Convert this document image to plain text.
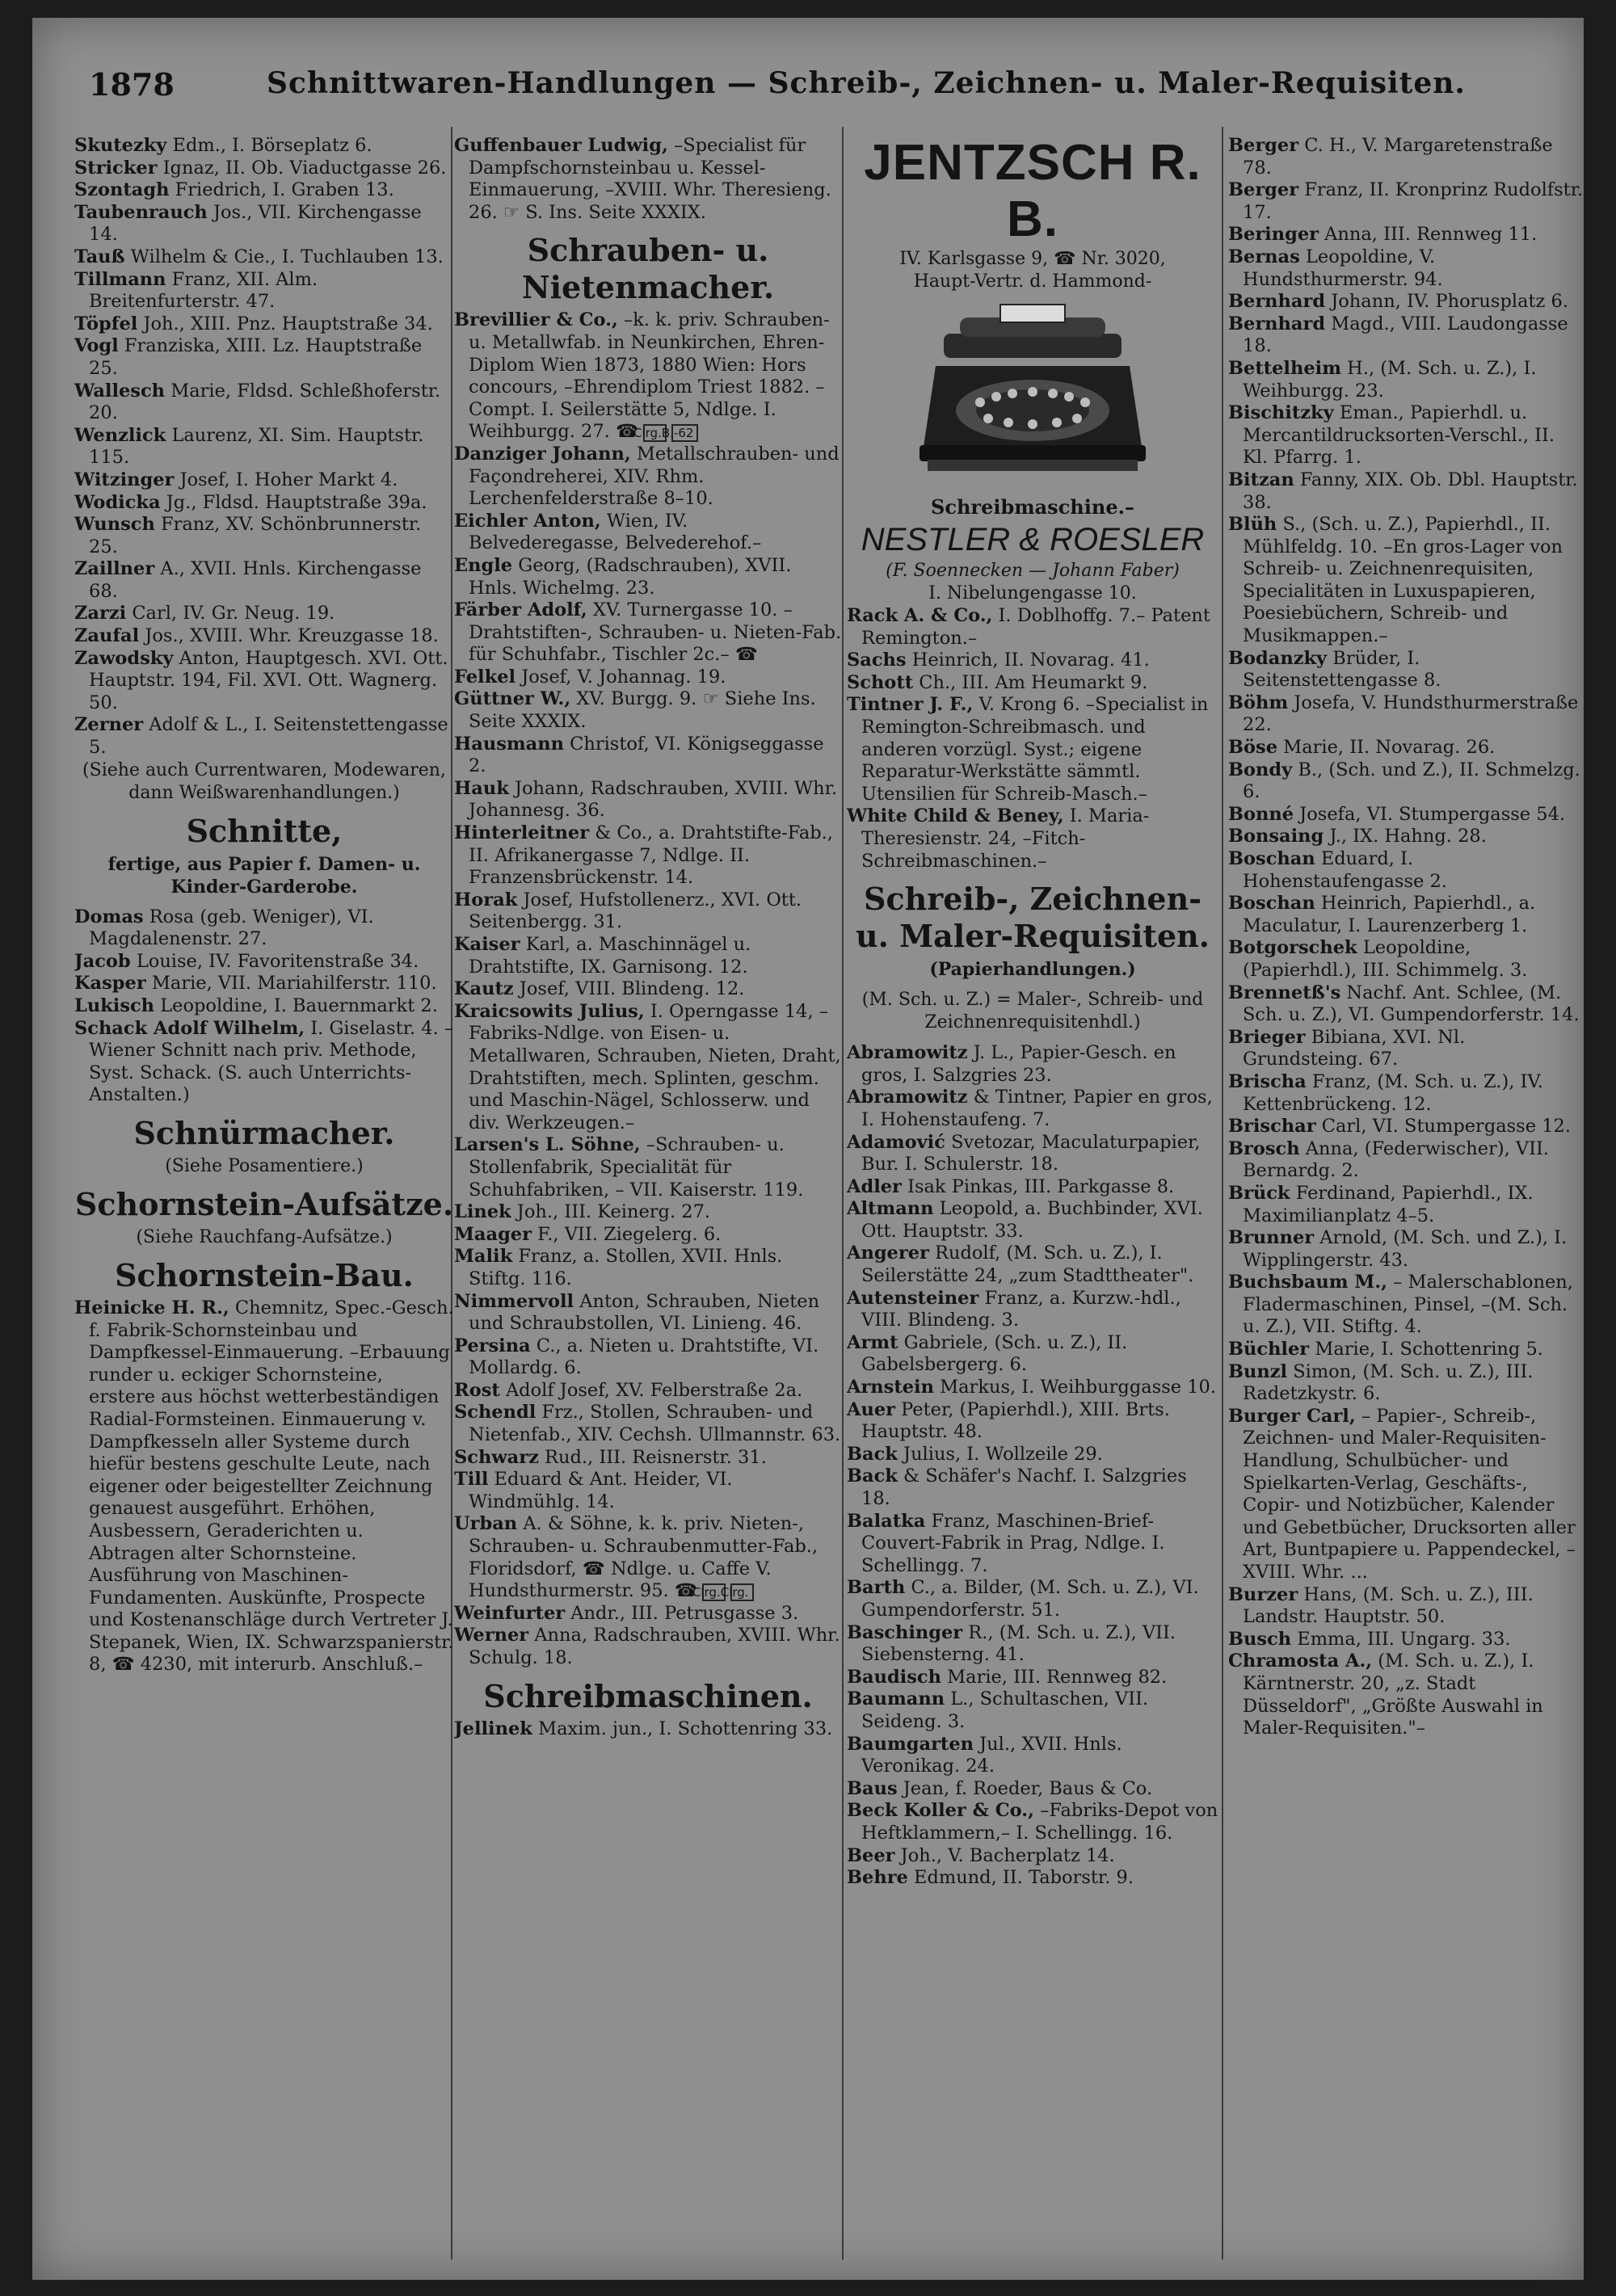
1878	Schnittwaren-Handlungen — Schreib-, Zeichnen- u. Maler-Requisiten.

Skutezky Edm., I. Börseplatz 6.

Stricker Ignaz, II. Ob. Viaductgasse 26.

Szontagh Friedrich, I. Graben 13.

Taubenrauch Jos., VII. Kirchengasse 14.

Tauß Wilhelm & Cie., I. Tuchlauben 13.

Tillmann Franz, XII. Alm. Breitenfurterstr. 47.

Töpfel Joh., XIII. Pnz. Hauptstraße 34.

Vogl Franziska, XIII. Lz. Hauptstraße 25.

Wallesch Marie, Fldsd. Schleßhoferstr. 20.

Wenzlick Laurenz, XI. Sim. Hauptstr. 115.

Witzinger Josef, I. Hoher Markt 4.

Wodicka Jg., Fldsd. Hauptstraße 39a.

Wunsch Franz, XV. Schönbrunnerstr. 25.

Zaillner A., XVII. Hnls. Kirchengasse 68.

Zarzi Carl, IV. Gr. Neug. 19.

Zaufal Jos., XVIII. Whr. Kreuzgasse 18.

Zawodsky Anton, Hauptgesch. XVI. Ott. Hauptstr. 194, Fil. XVI. Ott. Wagnerg. 50.

Zerner Adolf & L., I. Seitenstettengasse 5.

(Siehe auch Currentwaren, Modewaren, dann Weißwarenhandlungen.)

Schnitte,

fertige, aus Papier f. Damen- u. Kinder-Garderobe.

Domas Rosa (geb. Weniger), VI. Magdalenenstr. 27.

Jacob Louise, IV. Favoritenstraße 34.

Kasper Marie, VII. Mariahilferstr. 110.

Lukisch Leopoldine, I. Bauernmarkt 2.

Schack Adolf Wilhelm, I. Giselastr. 4. –Wiener Schnitt nach priv. Methode, Syst. Schack. (S. auch Unterrichts-Anstalten.)

Schnürmacher.

(Siehe Posamentiere.)

Schornstein-Aufsätze.

(Siehe Rauchfang-Aufsätze.)

Schornstein-Bau.

Heinicke H. R., Chemnitz, Spec.-Gesch. f. Fabrik-Schornsteinbau und Dampfkessel-Einmauerung. –Erbauung runder u. eckiger Schornsteine, erstere aus höchst wetterbeständigen Radial-Formsteinen. Einmauerung v. Dampfkesseln aller Systeme durch hiefür bestens geschulte Leute, nach eigener oder beigestellter Zeichnung genauest ausgeführt. Erhöhen, Ausbessern, Geraderichten u. Abtragen alter Schornsteine. Ausführung von Maschinen-Fundamenten. Auskünfte, Prospecte und Kostenanschläge durch Vertreter J. Stepanek, Wien, IX. Schwarzspanierstr. 8, ☎ 4230, mit interurb. Anschluß.–

Guffenbauer Ludwig, –Specialist für Dampfschornsteinbau u. Kessel-Einmauerung, –XVIII. Whr. Theresieng. 26. ☞ S. Ins. Seite XXXIX.

Schrauben- u. Nietenmacher.

Brevillier & Co., –k. k. priv. Schrauben- u. Metallwfab. in Neunkirchen, Ehren-Diplom Wien 1873, 1880 Wien: Hors concours, –Ehrendiplom Triest 1882. –Compt. I. Seilerstätte 5, Ndlge. I. Weihburgg. 27. ☎Clrg.B.-62

Danziger Johann, Metallschrauben- und Façondreherei, XIV. Rhm. Lerchenfelderstraße 8–10.

Eichler Anton, Wien, IV. Belvederegasse, Belvederehof.–

Engle Georg, (Radschrauben), XVII. Hnls. Wichelmg. 23.

Färber Adolf, XV. Turnergasse 10. –Drahtstiften-, Schrauben- u. Nieten-Fab. für Schuhfabr., Tischler 2c.– ☎

Felkel Josef, V. Johannag. 19.

Güttner W., XV. Burgg. 9. ☞ Siehe Ins. Seite XXXIX.

Hausmann Christof, VI. Königseggasse 2.

Hauk Johann, Radschrauben, XVIII. Whr. Johannesg. 36.

Hinterleitner & Co., a. Drahtstifte-Fab., II. Afrikanergasse 7, Ndlge. II. Franzensbrückenstr. 14.

Horak Josef, Hufstollenerz., XVI. Ott. Seitenbergg. 31.

Kaiser Karl, a. Maschinnägel u. Drahtstifte, IX. Garnisong. 12.

Kautz Josef, VIII. Blindeng. 12.

Kraicsowits Julius, I. Operngasse 14, –Fabriks-Ndlge. von Eisen- u. Metallwaren, Schrauben, Nieten, Draht, Drahtstiften, mech. Splinten, geschm. und Maschin-Nägel, Schlosserw. und div. Werkzeugen.–

Larsen's L. Söhne, –Schrauben- u. Stollenfabrik, Specialität für Schuhfabriken, – VII. Kaiserstr. 119.

Linek Joh., III. Keinerg. 27.

Maager F., VII. Ziegelerg. 6.

Malik Franz, a. Stollen, XVII. Hnls. Stiftg. 116.

Nimmervoll Anton, Schrauben, Nieten und Schraubstollen, VI. Linieng. 46.

Persina C., a. Nieten u. Drahtstifte, VI. Mollardg. 6.

Rost Adolf Josef, XV. Felberstraße 2a.

Schendl Frz., Stollen, Schrauben- und Nietenfab., XIV. Cechsh. Ullmannstr. 63.

Schwarz Rud., III. Reisnerstr. 31.

Till Eduard & Ant. Heider, VI. Windmühlg. 14.

Urban A. & Söhne, k. k. priv. Nieten-, Schrauben- u. Schraubenmutter-Fab., Floridsdorf, ☎ Ndlge. u. Caffe V. Hundsthurmerstr. 95. ☎Clrg.Clrg.

Weinfurter Andr., III. Petrusgasse 3.

Werner Anna, Radschrauben, XVIII. Whr. Schulg. 18.

Schreibmaschinen.

Jellinek Maxim. jun., I. Schottenring 33.

JENTZSCH R. B.
IV. Karlsgasse 9, ☎ Nr. 3020,
Haupt-Vertr. d. Hammond-
Schreibmaschine.–
NESTLER & ROESLER
(F. Soennecken — Johann Faber)
I. Nibelungengasse 10.

Rack A. & Co., I. Doblhoffg. 7.– Patent Remington.–

Sachs Heinrich, II. Novarag. 41.

Schott Ch., III. Am Heumarkt 9.

Tintner J. F., V. Krong 6. –Specialist in Remington-Schreibmasch. und anderen vorzügl. Syst.; eigene Reparatur-Werkstätte sämmtl. Utensilien für Schreib-Masch.–

White Child & Beney, I. Maria-Theresienstr. 24, –Fitch-Schreibmaschinen.–

Schreib-, Zeichnen- u. Maler-Requisiten.

(Papierhandlungen.)

(M. Sch. u. Z.) = Maler-, Schreib- und Zeichnenrequisitenhdl.)

Abramowitz J. L., Papier-Gesch. en gros, I. Salzgries 23.

Abramowitz & Tintner, Papier en gros, I. Hohenstaufeng. 7.

Adamović Svetozar, Maculaturpapier, Bur. I. Schulerstr. 18.

Adler Isak Pinkas, III. Parkgasse 8.

Altmann Leopold, a. Buchbinder, XVI. Ott. Hauptstr. 33.

Angerer Rudolf, (M. Sch. u. Z.), I. Seilerstätte 24, „zum Stadttheater".

Autensteiner Franz, a. Kurzw.-hdl., VIII. Blindeng. 3.

Armt Gabriele, (Sch. u. Z.), II. Gabelsbergerg. 6.

Arnstein Markus, I. Weihburggasse 10.

Auer Peter, (Papierhdl.), XIII. Brts. Hauptstr. 48.

Back Julius, I. Wollzeile 29.

Back & Schäfer's Nachf. I. Salzgries 18.

Balatka Franz, Maschinen-Brief-Couvert-Fabrik in Prag, Ndlge. I. Schellingg. 7.

Barth C., a. Bilder, (M. Sch. u. Z.), VI. Gumpendorferstr. 51.

Baschinger R., (M. Sch. u. Z.), VII. Siebensterng. 41.

Baudisch Marie, III. Rennweg 82.

Baumann L., Schultaschen, VII. Seideng. 3.

Baumgarten Jul., XVII. Hnls. Veronikag. 24.

Baus Jean, f. Roeder, Baus & Co.

Beck Koller & Co., –Fabriks-Depot von Heftklammern,– I. Schellingg. 16.

Beer Joh., V. Bacherplatz 14.

Behre Edmund, II. Taborstr. 9.

Berger C. H., V. Margaretenstraße 78.

Berger Franz, II. Kronprinz Rudolfstr. 17.

Beringer Anna, III. Rennweg 11.

Bernas Leopoldine, V. Hundsthurmerstr. 94.

Bernhard Johann, IV. Phorusplatz 6.

Bernhard Magd., VIII. Laudongasse 18.

Bettelheim H., (M. Sch. u. Z.), I. Weihburgg. 23.

Bischitzky Eman., Papierhdl. u. Mercantildrucksorten-Verschl., II. Kl. Pfarrg. 1.

Bitzan Fanny, XIX. Ob. Dbl. Hauptstr. 38.

Blüh S., (Sch. u. Z.), Papierhdl., II. Mühlfeldg. 10. –En gros-Lager von Schreib- u. Zeichnenrequisiten, Specialitäten in Luxuspapieren, Poesiebüchern, Schreib- und Musikmappen.–

Bodanzky Brüder, I. Seitenstettengasse 8.

Böhm Josefa, V. Hundsthurmerstraße 22.

Böse Marie, II. Novarag. 26.

Bondy B., (Sch. und Z.), II. Schmelzg. 6.

Bonné Josefa, VI. Stumpergasse 54.

Bonsaing J., IX. Hahng. 28.

Boschan Eduard, I. Hohenstaufengasse 2.

Boschan Heinrich, Papierhdl., a. Maculatur, I. Laurenzerberg 1.

Botgorschek Leopoldine, (Papierhdl.), III. Schimmelg. 3.

Brennetß's Nachf. Ant. Schlee, (M. Sch. u. Z.), VI. Gumpendorferstr. 14.

Brieger Bibiana, XVI. Nl. Grundsteing. 67.

Brischa Franz, (M. Sch. u. Z.), IV. Kettenbrückeng. 12.

Brischar Carl, VI. Stumpergasse 12.

Brosch Anna, (Federwischer), VII. Bernardg. 2.

Brück Ferdinand, Papierhdl., IX. Maximilianplatz 4–5.

Brunner Arnold, (M. Sch. und Z.), I. Wipplingerstr. 43.

Buchsbaum M., – Malerschablonen, Fladermaschinen, Pinsel, –(M. Sch. u. Z.), VII. Stiftg. 4.

Büchler Marie, I. Schottenring 5.

Bunzl Simon, (M. Sch. u. Z.), III. Radetzkystr. 6.

Burger Carl, – Papier-, Schreib-, Zeichnen- und Maler-Requisiten-Handlung, Schulbücher- und Spielkarten-Verlag, Geschäfts-, Copir- und Notizbücher, Kalender und Gebetbücher, Drucksorten aller Art, Buntpapiere u. Pappendeckel, – XVIII. Whr. ...

Burzer Hans, (M. Sch. u. Z.), III. Landstr. Hauptstr. 50.

Busch Emma, III. Ungarg. 33.

Chramosta A., (M. Sch. u. Z.), I. Kärntnerstr. 20, „z. Stadt Düsseldorf", „Größte Auswahl in Maler-Requisiten."–
